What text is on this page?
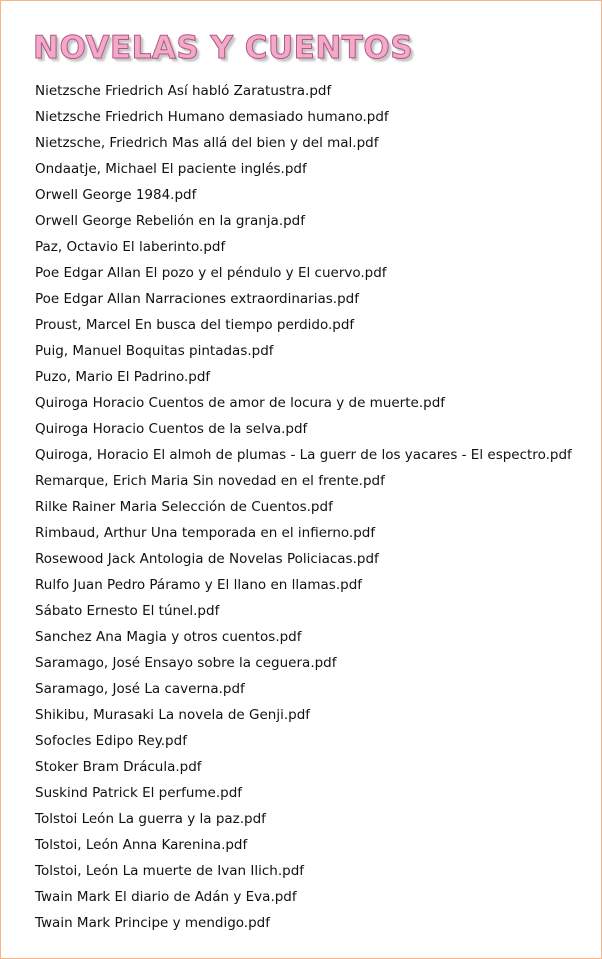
NOVELAS Y CUENTOS
Nietzsche Friedrich Así habló Zaratustra.pdf
Nietzsche Friedrich Humano demasiado humano.pdf
Nietzsche, Friedrich Mas allá del bien y del mal.pdf
Ondaatje, Michael El paciente inglés.pdf
Orwell George 1984.pdf
Orwell George Rebelión en la granja.pdf
Paz, Octavio El laberinto.pdf
Poe Edgar Allan El pozo y el péndulo y El cuervo.pdf
Poe Edgar Allan Narraciones extraordinarias.pdf
Proust, Marcel En busca del tiempo perdido.pdf
Puig, Manuel Boquitas pintadas.pdf
Puzo, Mario El Padrino.pdf
Quiroga Horacio Cuentos de amor de locura y de muerte.pdf
Quiroga Horacio Cuentos de la selva.pdf
Quiroga, Horacio El almoh de plumas - La guerr de los yacares - El espectro.pdf
Remarque, Erich Maria Sin novedad en el frente.pdf
Rilke Rainer Maria Selección de Cuentos.pdf
Rimbaud, Arthur Una temporada en el infierno.pdf
Rosewood Jack Antologia de Novelas Policiacas.pdf
Rulfo Juan Pedro Páramo y El llano en llamas.pdf
Sábato Ernesto El túnel.pdf
Sanchez Ana Magia y otros cuentos.pdf
Saramago, José Ensayo sobre la ceguera.pdf
Saramago, José La caverna.pdf
Shikibu, Murasaki La novela de Genji.pdf
Sofocles Edipo Rey.pdf
Stoker Bram Drácula.pdf
Suskind Patrick El perfume.pdf
Tolstoi León La guerra y la paz.pdf
Tolstoi, León Anna Karenina.pdf
Tolstoi, León La muerte de Ivan Ilich.pdf
Twain Mark El diario de Adán y Eva.pdf
Twain Mark Principe y mendigo.pdf
